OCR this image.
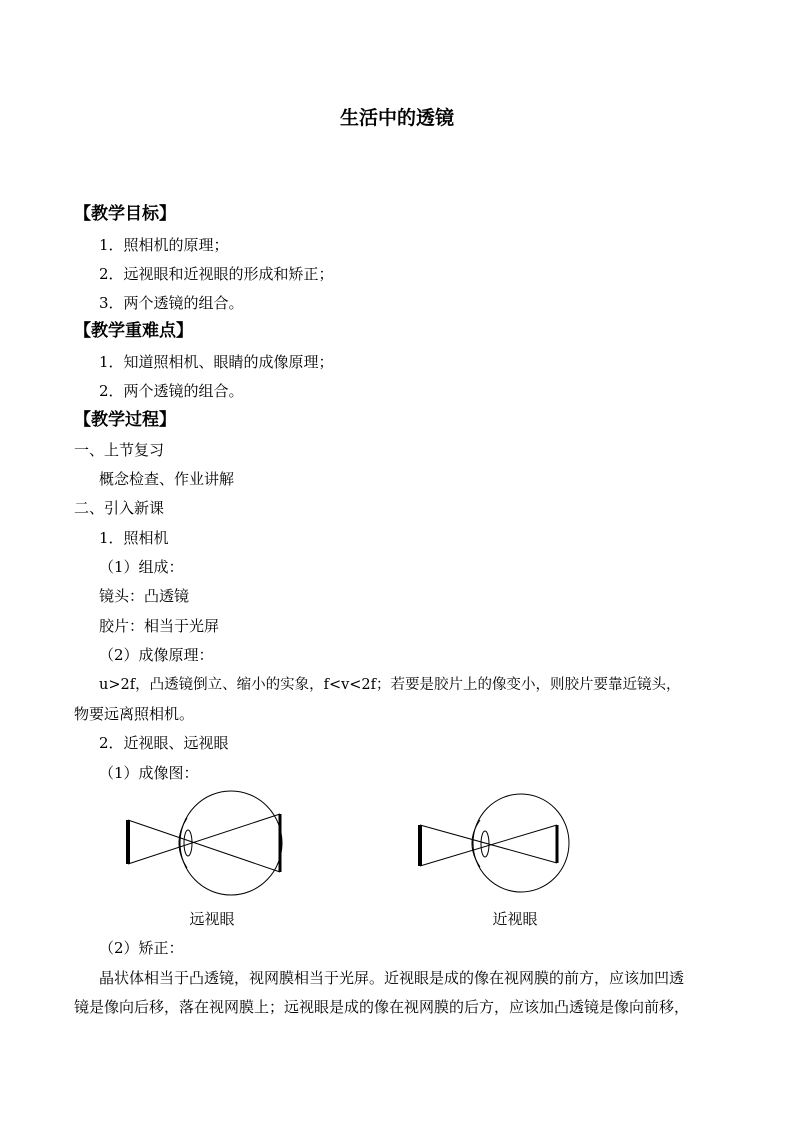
生活中的透镜
【教学目标】
1．照相机的原理；
2．远视眼和近视眼的形成和矫正；
3．两个透镜的组合。
【教学重难点】
1．知道照相机、眼睛的成像原理；
2．两个透镜的组合。
【教学过程】
一、上节复习
概念检查、作业讲解
二、引入新课
1．照相机
（1）组成：
镜头：凸透镜
胶片：相当于光屏
（2）成像原理：
u>2f，凸透镜倒立、缩小的实象，f<v<2f；若要是胶片上的像变小，则胶片要靠近镜头，
物要远离照相机。
2．近视眼、远视眼
（1）成像图：
远视眼	近视眼
（2）矫正：
晶状体相当于凸透镜，视网膜相当于光屏。近视眼是成的像在视网膜的前方，应该加凹透
镜是像向后移，落在视网膜上；远视眼是成的像在视网膜的后方，应该加凸透镜是像向前移，
